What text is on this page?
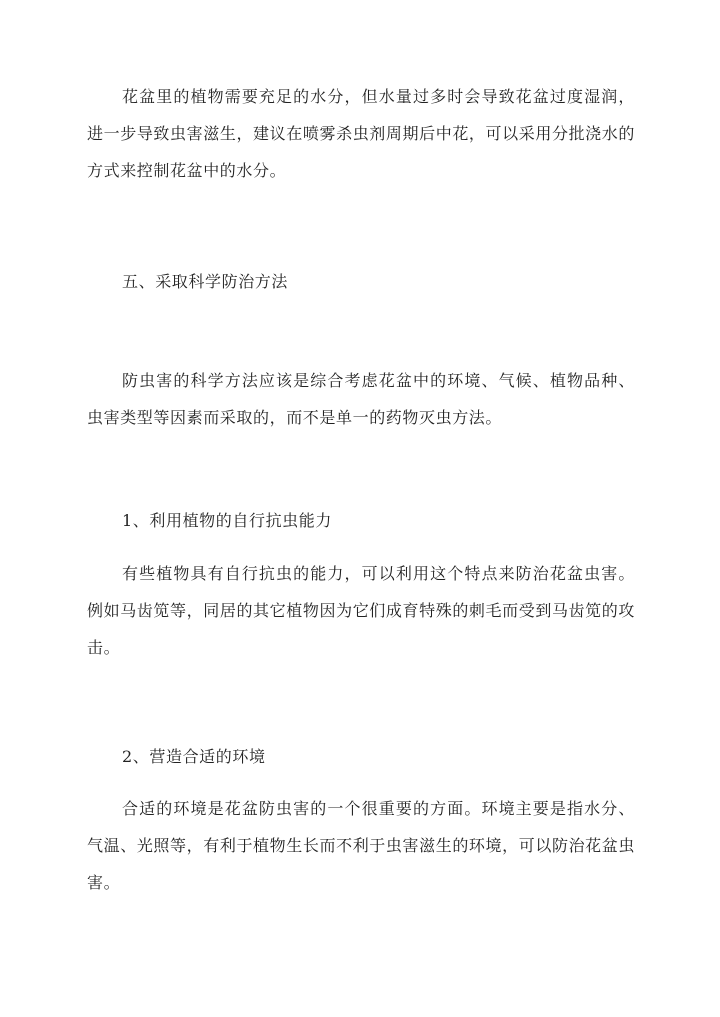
花盆里的植物需要充足的水分，但水量过多时会导致花盆过度湿润，进一步导致虫害滋生，建议在喷雾杀虫剂周期后中花，可以采用分批浇水的方式来控制花盆中的水分。

五、采取科学防治方法

防虫害的科学方法应该是综合考虑花盆中的环境、气候、植物品种、虫害类型等因素而采取的，而不是单一的药物灭虫方法。

1、利用植物的自行抗虫能力

有些植物具有自行抗虫的能力，可以利用这个特点来防治花盆虫害。例如马齿笕等，同居的其它植物因为它们成育特殊的刺毛而受到马齿笕的攻击。

2、营造合适的环境

合适的环境是花盆防虫害的一个很重要的方面。环境主要是指水分、气温、光照等，有利于植物生长而不利于虫害滋生的环境，可以防治花盆虫害。
